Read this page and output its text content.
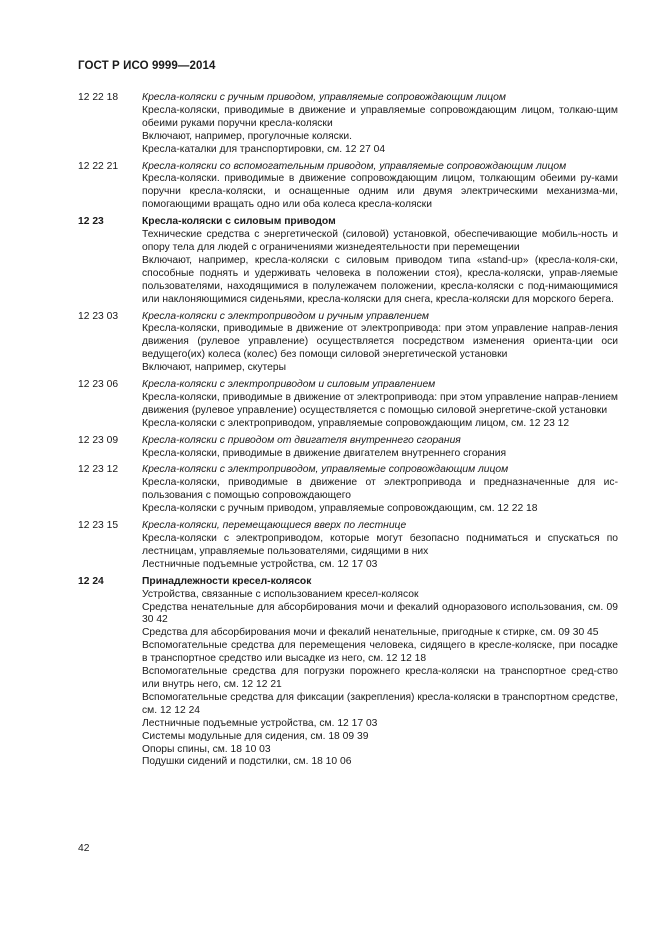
ГОСТ Р ИСО 9999—2014
12 22 18	Кресла-коляски с ручным приводом, управляемые сопровождающим лицом

Кресла-коляски, приводимые в движение и управляемые сопровождающим лицом, толкаю-щим обеими руками поручни кресла-коляски

Включают, например, прогулочные коляски.

Кресла-каталки для транспортировки, см. 12 27 04

12 22 21	Кресла-коляски со вспомогательным приводом, управляемые сопровождающим лицом

Кресла-коляски. приводимые в движение сопровождающим лицом, толкающим обеими ру-ками поручни кресла-коляски, и оснащенные одним или двумя электрическими механизма-ми, помогающими вращать одно или оба колеса кресла-коляски

12 23	Кресла-коляски с силовым приводом

Технические средства с энергетической (силовой) установкой, обеспечивающие мобиль-ность и опору тела для людей с ограничениями жизнедеятельности при перемещении

Включают, например, кресла-коляски с силовым приводом типа «stand-up» (кресла-коля-ски, способные поднять и удерживать человека в положении стоя), кресла-коляски, управ-ляемые пользователями, находящимися в полулежачем положении, кресла-коляски с под-нимающимися или наклоняющимися сиденьями, кресла-коляски для снега, кресла-коляски для морского берега.

12 23 03	Кресла-коляски с электроприводом и ручным управлением

Кресла-коляски, приводимые в движение от электропривода: при этом управление направ-ления движения (рулевое управление) осуществляется посредством изменения ориента-ции оси ведущего(их) колеса (колес) без помощи силовой энергетической установки

Включают, например, скутеры

12 23 06	Кресла-коляски с электроприводом и силовым управлением

Кресла-коляски, приводимые в движение от электропривода: при этом управление направ-лением движения (рулевое управление) осуществляется с помощью силовой энергетиче-ской установки

Кресла-коляски с электроприводом, управляемые сопровождающим лицом, см. 12 23 12

12 23 09	Кресла-коляски с приводом от двигателя внутреннего сгорания

Кресла-коляски, приводимые в движение двигателем внутреннего сгорания

12 23 12	Кресла-коляски с электроприводом, управляемые сопровождающим лицом

Кресла-коляски, приводимые в движение от электропривода и предназначенные для ис-пользования с помощью сопровождающего

Кресла-коляски с ручным приводом, управляемые сопровождающим, см. 12 22 18

12 23 15	Кресла-коляски, перемещающиеся вверх по лестнице

Кресла-коляски с электроприводом, которые могут безопасно подниматься и спускаться по лестницам, управляемые пользователями, сидящими в них

Лестничные подъемные устройства, см. 12 17 03

12 24	Принадлежности кресел-колясок

Устройства, связанные с использованием кресел-колясок

Средства ненательные для абсорбирования мочи и фекалий одноразового использования, см. 09 30 42

Средства для абсорбирования мочи и фекалий ненательные, пригодные к стирке, см. 09 30 45

Вспомогательные средства для перемещения человека, сидящего в кресле-коляске, при посадке в транспортное средство или высадке из него, см. 12 12 18

Вспомогательные средства для погрузки порожнего кресла-коляски на транспортное сред-ство или внутрь него, см. 12 12 21

Вспомогательные средства для фиксации (закрепления) кресла-коляски в транспортном средстве, см. 12 12 24

Лестничные подъемные устройства, см. 12 17 03

Системы модульные для сидения, см. 18 09 39

Опоры спины, см. 18 10 03

Подушки сидений и подстилки, см. 18 10 06

42
